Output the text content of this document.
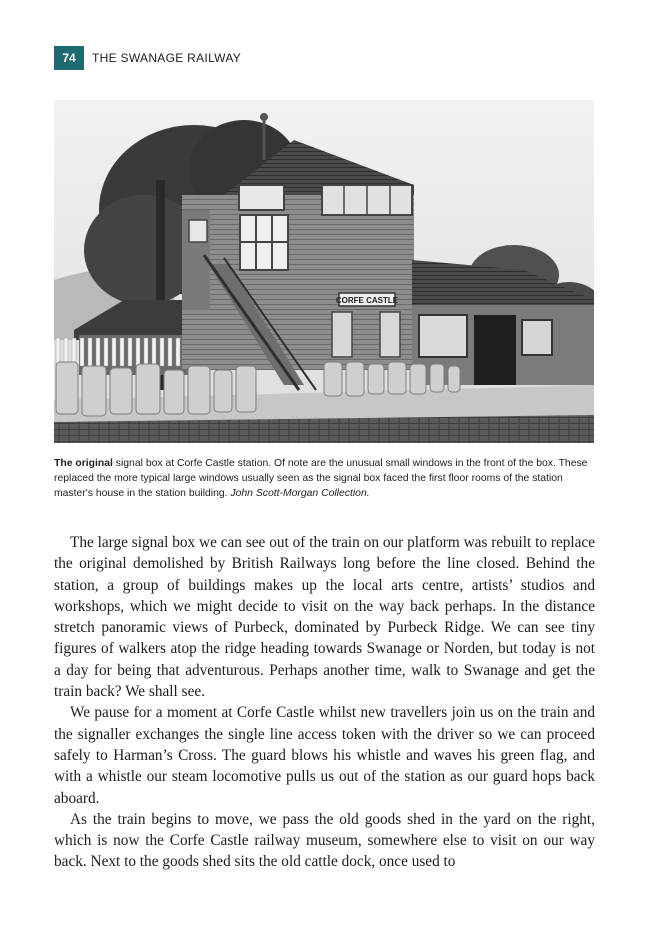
74	THE SWANAGE RAILWAY
CORFE CASTLE

The original signal box at Corfe Castle station. Of note are the unusual small windows in the front of the box. These replaced the more typical large windows usually seen as the signal box faced the first floor rooms of the station master's house in the station building. John Scott-Morgan Collection.

The large signal box we can see out of the train on our platform was rebuilt to replace the original demolished by British Railways long before the line closed. Behind the station, a group of buildings makes up the local arts centre, artists’ studios and workshops, which we might decide to visit on the way back perhaps. In the distance stretch panoramic views of Purbeck, dominated by Purbeck Ridge. We can see tiny figures of walkers atop the ridge heading towards Swanage or Norden, but today is not a day for being that adventurous. Perhaps another time, walk to Swanage and get the train back? We shall see.

We pause for a moment at Corfe Castle whilst new travellers join us on the train and the signaller exchanges the single line access token with the driver so we can proceed safely to Harman’s Cross. The guard blows his whistle and waves his green flag, and with a whistle our steam locomotive pulls us out of the station as our guard hops back aboard.

As the train begins to move, we pass the old goods shed in the yard on the right, which is now the Corfe Castle railway museum, somewhere else to visit on our way back. Next to the goods shed sits the old cattle dock, once used to
